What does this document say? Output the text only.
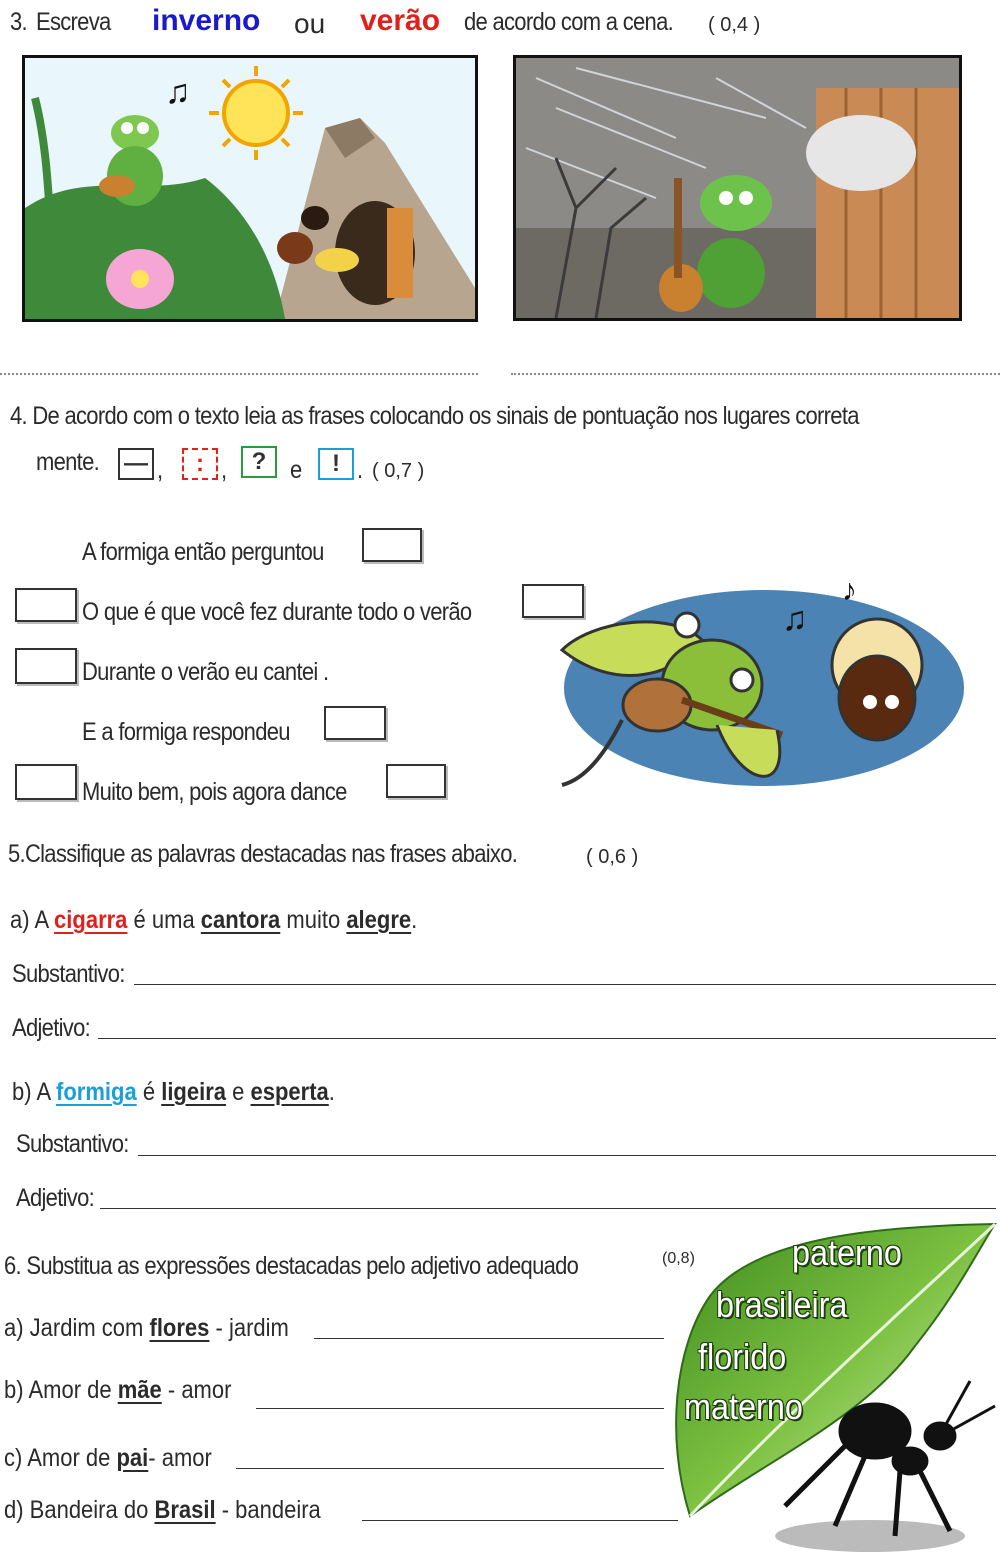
3. Escreva inverno ou verão de acordo com a cena. ( 0,4 )
♫
4. De acordo com o texto leia as frases colocando os sinais de pontuação nos lugares correta
mente. — ,	: ,	? e	! . ( 0,7 )
A formiga então perguntou
O que é que você fez durante todo o verão
Durante o verão eu cantei .
E a formiga respondeu
Muito bem, pois agora dance
♫
♪
5.Classifique as palavras destacadas nas frases abaixo.	( 0,6 )
a) A cigarra é uma cantora muito alegre.
Substantivo:
Adjetivo:
b) A formiga é ligeira e esperta.
Substantivo:
Adjetivo:
6. Substitua as expressões destacadas pelo adjetivo adequado	(0,8)
a) Jardim com flores - jardim
b) Amor de mãe - amor
c) Amor de pai- amor
d) Bandeira do Brasil - bandeira
paterno
brasileira
florido
materno
